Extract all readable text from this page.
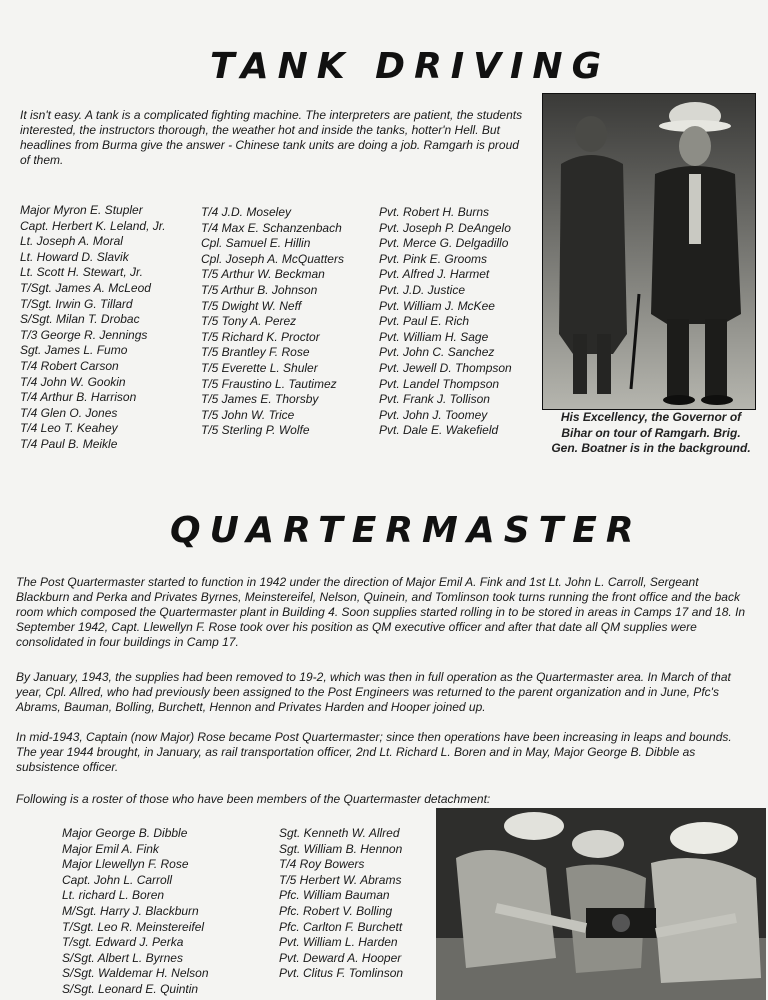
TANK DRIVING

It isn't easy. A tank is a complicated fighting machine. The interpreters are patient, the students interested, the instructors thorough, the weather hot and inside the tanks, hotter'n Hell. But headlines from Burma give the answer - Chinese tank units are doing a job. Ramgarh is proud of them.

Major Myron E. Stupler
Capt. Herbert K. Leland, Jr.
Lt. Joseph A. Moral
Lt. Howard D. Slavik
Lt. Scott H. Stewart, Jr.
T/Sgt. James A. McLeod
T/Sgt. Irwin G. Tillard
S/Sgt. Milan T. Drobac
T/3 George R. Jennings
Sgt. James L. Fumo
T/4 Robert Carson
T/4 John W. Gookin
T/4 Arthur B. Harrison
T/4 Glen O. Jones
T/4 Leo T. Keahey
T/4 Paul B. Meikle
T/4 J.D. Moseley
T/4 Max E. Schanzenbach
Cpl. Samuel E. Hillin
Cpl. Joseph A. McQuatters
T/5 Arthur W. Beckman
T/5 Arthur B. Johnson
T/5 Dwight W. Neff
T/5 Tony A. Perez
T/5 Richard K. Proctor
T/5 Brantley F. Rose
T/5 Everette L. Shuler
T/5 Fraustino L. Tautimez
T/5 James E. Thorsby
T/5 John W. Trice
T/5 Sterling P. Wolfe
Pvt. Robert H. Burns
Pvt. Joseph P. DeAngelo
Pvt. Merce G. Delgadillo
Pvt. Pink E. Grooms
Pvt. Alfred J. Harmet
Pvt. J.D. Justice
Pvt. William J. McKee
Pvt. Paul E. Rich
Pvt. William H. Sage
Pvt. John C. Sanchez
Pvt. Jewell D. Thompson
Pvt. Landel Thompson
Pvt. Frank J. Tollison
Pvt. John J. Toomey
Pvt. Dale E. Wakefield
His Excellency, the Governor of Bihar on tour of Ramgarh. Brig. Gen. Boatner is in the background.
QUARTERMASTER

The Post Quartermaster started to function in 1942 under the direction of Major Emil A. Fink and 1st Lt. John L. Carroll, Sergeant Blackburn and Perka and Privates Byrnes, Meinstereifel, Nelson, Quinein, and Tomlinson took turns running the front office and the back room which composed the Quartermaster plant in Building 4. Soon supplies started rolling in to be stored in areas in Camps 17 and 18. In September 1942, Capt. Llewellyn F. Rose took over his position as QM executive officer and after that date all QM supplies were consolidated in four buildings in Camp 17.

By January, 1943, the supplies had been removed to 19-2, which was then in full operation as the Quartermaster area. In March of that year, Cpl. Allred, who had previously been assigned to the Post Engineers was returned to the parent organization and in June, Pfc's Abrams, Bauman, Bolling, Burchett, Hennon and Privates Harden and Hooper joined up.

In mid-1943, Captain (now Major) Rose became Post Quartermaster; since then operations have been increasing in leaps and bounds. The year 1944 brought, in January, as rail transportation officer, 2nd Lt. Richard L. Boren and in May, Major George B. Dibble as subsistence officer.

Following is a roster of those who have been members of the Quartermaster detachment:

Major George B. Dibble
Major Emil A. Fink
Major Llewellyn F. Rose
Capt. John L. Carroll
Lt. richard L. Boren
M/Sgt. Harry J. Blackburn
T/Sgt. Leo R. Meinstereifel
T/sgt. Edward J. Perka
S/Sgt. Albert L. Byrnes
S/Sgt. Waldemar H. Nelson
S/Sgt. Leonard E. Quintin
Sgt. Kenneth W. Allred
Sgt. William B. Hennon
T/4 Roy Bowers
T/5 Herbert W. Abrams
Pfc. William Bauman
Pfc. Robert V. Bolling
Pfc. Carlton F. Burchett
Pvt. William L. Harden
Pvt. Deward A. Hooper
Pvt. Clitus F. Tomlinson
